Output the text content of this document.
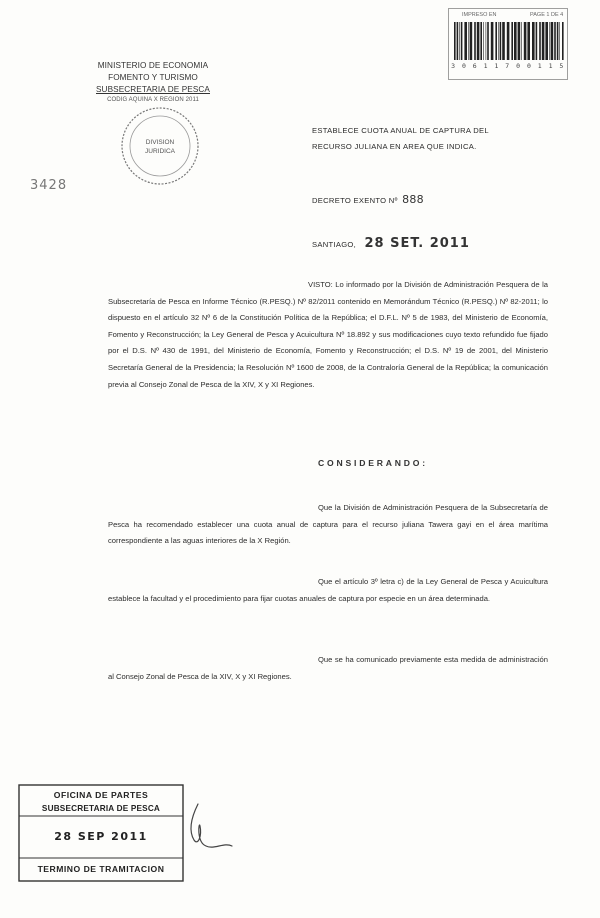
MINISTERIO DE ECONOMIA
FOMENTO Y TURISMO
SUBSECRETARIA DE PESCA
CODIG AQUINA X REGION 2011
DIVISION
JURIDICA
3428
IMPRESO EN	PAGE 1 DE 4
3 0 6 1 1 7 0 0 1 1 5
ESTABLECE CUOTA ANUAL DE CAPTURA DEL
RECURSO JULIANA EN AREA QUE INDICA.
DECRETO EXENTO Nº 888
SANTIAGO, 28 SET. 2011
VISTO: Lo informado por la División de Administración Pesquera de la Subsecretaría de Pesca en Informe Técnico (R.PESQ.) Nº 82/2011 contenido en Memorándum Técnico (R.PESQ.) Nº 82-2011; lo dispuesto en el artículo 32 Nº 6 de la Constitución Política de la República; el D.F.L. Nº 5 de 1983, del Ministerio de Economía, Fomento y Reconstrucción; la Ley General de Pesca y Acuicultura Nº 18.892 y sus modificaciones cuyo texto refundido fue fijado por el D.S. Nº 430 de 1991, del Ministerio de Economía, Fomento y Reconstrucción; el D.S. Nº 19 de 2001, del Ministerio Secretaría General de la Presidencia; la Resolución Nº 1600 de 2008, de la Contraloría General de la República; la comunicación previa al Consejo Zonal de Pesca de la XIV, X y XI Regiones.
CONSIDERANDO:
Que la División de Administración Pesquera de la Subsecretaría de Pesca ha recomendado establecer una cuota anual de captura para el recurso juliana Tawera gayi en el área marítima correspondiente a las aguas interiores de la X Región.
Que el artículo 3º letra c) de la Ley General de Pesca y Acuicultura establece la facultad y el procedimiento para fijar cuotas anuales de captura por especie en un área determinada.
Que se ha comunicado previamente esta medida de administración al Consejo Zonal de Pesca de la XIV, X y XI Regiones.
OFICINA DE PARTES
SUBSECRETARIA DE PESCA
28 SEP 2011
TERMINO DE TRAMITACION
